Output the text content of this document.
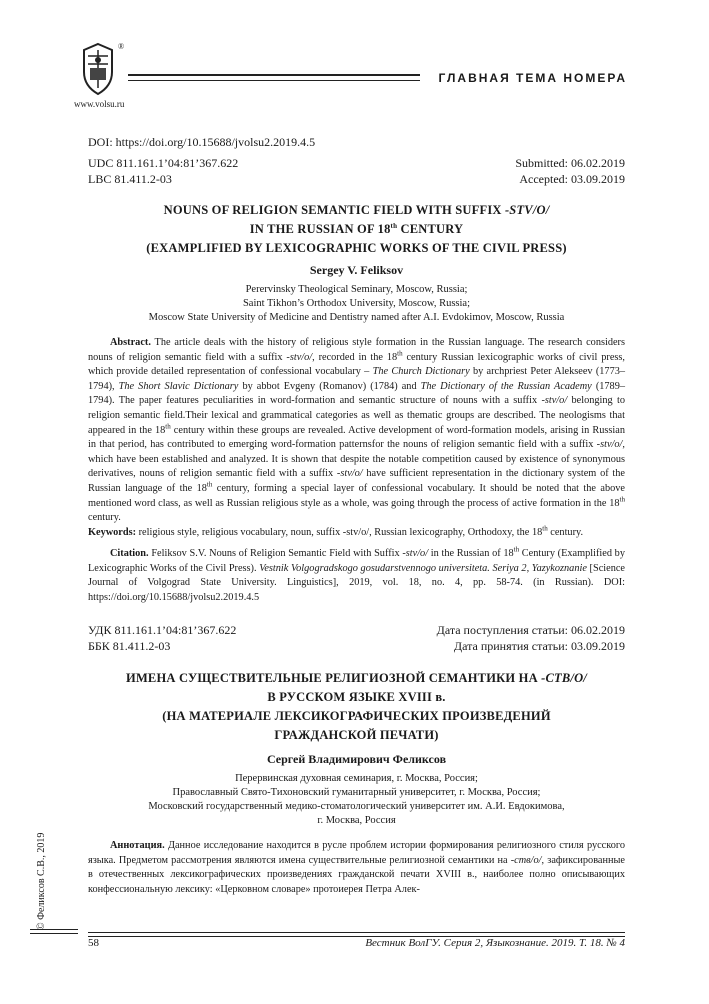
®
www.volsu.ru
ГЛАВНАЯ ТЕМА НОМЕРА
DOI: https://doi.org/10.15688/jvolsu2.2019.4.5
UDC 811.161.1’04:81’367.622
LBC 81.411.2-03
Submitted: 06.02.2019
Accepted: 03.09.2019
NOUNS OF RELIGION SEMANTIC FIELD WITH SUFFIX -STV/O/
IN THE RUSSIAN OF 18th CENTURY
(EXAMPLIFIED BY LEXICOGRAPHIC WORKS OF THE CIVIL PRESS)
Sergey V. Feliksov
Perervinsky Theological Seminary, Moscow, Russia;
Saint Tikhon’s Orthodox University, Moscow, Russia;
Moscow State University of Medicine and Dentistry named after A.I. Evdokimov, Moscow, Russia
Abstract. The article deals with the history of religious style formation in the Russian language. The research considers nouns of religion semantic field with a suffix -stv/o/, recorded in the 18th century Russian lexicographic works of civil press, which provide detailed representation of confessional vocabulary – The Church Dictionary by archpriest Peter Alekseev (1773–1794), The Short Slavic Dictionary by abbot Evgeny (Romanov) (1784) and The Dictionary of the Russian Academy (1789–1794). The paper features peculiarities in word-formation and semantic structure of nouns with a suffix -stv/o/ belonging to religion semantic field.Their lexical and grammatical categories as well as thematic groups are described. The neologisms that appeared in the 18th century within these groups are revealed. Active development of word-formation models, arising in Russian in that period, has contributed to emerging word-formation patternsfor the nouns of religion semantic field with a suffix -stv/o/, which have been established and analyzed. It is shown that despite the notable competition caused by existence of synonymous derivatives, nouns of religion semantic field with a suffix -stv/o/ have sufficient representation in the dictionary system of the Russian language of the 18th century, forming a special layer of confessional vocabulary. It should be noted that the above mentioned word class, as well as Russian religious style as a whole, was going through the process of active formation in the 18th century.
Keywords: religious style, religious vocabulary, noun, suffix -stv/o/, Russian lexicography, Orthodoxy, the 18th century.
Citation. Feliksov S.V. Nouns of Religion Semantic Field with Suffix -stv/o/ in the Russian of 18th Century (Examplified by Lexicographic Works of the Civil Press). Vestnik Volgogradskogo gosudarstvennogo universiteta. Seriya 2, Yazykoznanie [Science Journal of Volgograd State University. Linguistics], 2019, vol. 18, no. 4, pp. 58-74. (in Russian). DOI: https://doi.org/10.15688/jvolsu2.2019.4.5
УДК 811.161.1’04:81’367.622
ББК 81.411.2-03
Дата поступления статьи: 06.02.2019
Дата принятия статьи: 03.09.2019
ИМЕНА СУЩЕСТВИТЕЛЬНЫЕ РЕЛИГИОЗНОЙ СЕМАНТИКИ НА -СТВ/О/
В РУССКОМ ЯЗЫКЕ XVIII в.
(НА МАТЕРИАЛЕ ЛЕКСИКОГРАФИЧЕСКИХ ПРОИЗВЕДЕНИЙ
ГРАЖДАНСКОЙ ПЕЧАТИ)
Сергей Владимирович Феликсов
Перервинская духовная семинария, г. Москва, Россия;
Православный Свято-Тихоновский гуманитарный университет, г. Москва, Россия;
Московский государственный медико-стоматологический университет им. А.И. Евдокимова,
г. Москва, Россия
Аннотация. Данное исследование находится в русле проблем истории формирования религиозного стиля русского языка. Предметом рассмотрения являются имена существительные религиозной семантики на -ств/о/, зафиксированные в отечественных лексикографических произведениях гражданской печати XVIII в., наиболее полно описывающих конфессиональную лексику: «Церковном словаре» протоиерея Петра Алек-
© Феликсов С.В., 2019
58	Вестник ВолГУ. Серия 2, Языкознание. 2019. Т. 18. № 4
